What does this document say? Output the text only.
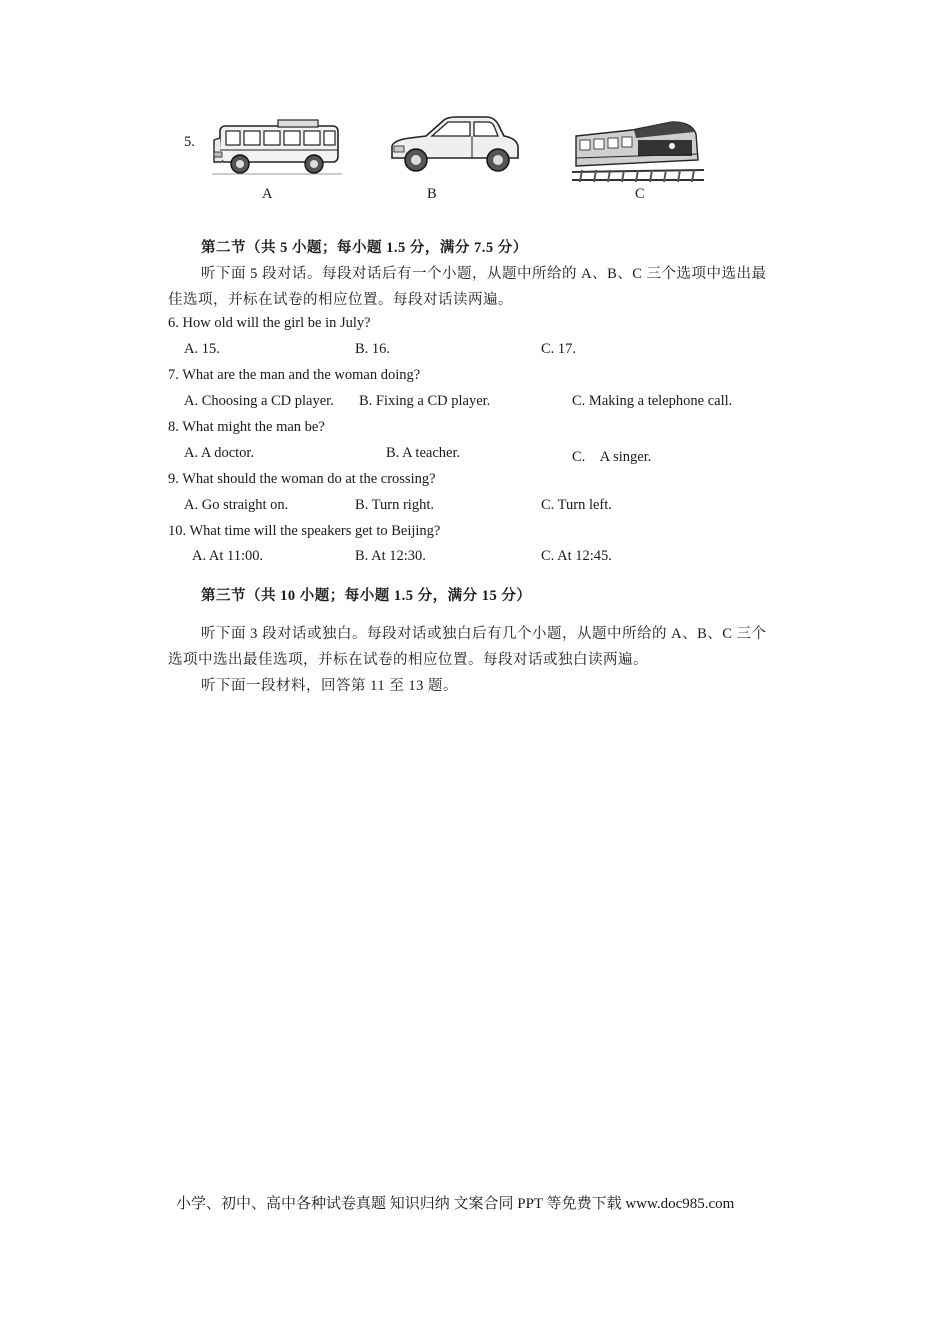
5.
A	B	C
第二节（共 5 小题；每小题 1.5 分，满分 7.5 分）
听下面 5 段对话。每段对话后有一个小题，从题中所给的 A、B、C 三个选项中选出最
佳选项，并标在试卷的相应位置。每段对话读两遍。
6. How old will the girl be in July?
A. 15.	B. 16.	C. 17.
7. What are the man and the woman doing?
A. Choosing a CD player. B. Fixing a CD player.	C. Making a telephone call.
8. What might the man be?
A. A doctor.	B. A teacher.	C.　A singer.
9. What should the woman do at the crossing?
A. Go straight on.	B. Turn right.	C. Turn left.
10. What time will the speakers get to Beijing?
A. At 11:00.	B. At 12:30.	C. At 12:45.
第三节（共 10 小题；每小题 1.5 分，满分 15 分）
听下面 3 段对话或独白。每段对话或独白后有几个小题，从题中所给的 A、B、C 三个
选项中选出最佳选项，并标在试卷的相应位置。每段对话或独白读两遍。
听下面一段材料，回答第 11 至 13 题。
小学、初中、高中各种试卷真题 知识归纳 文案合同 PPT 等免费下载 www.doc985.com
